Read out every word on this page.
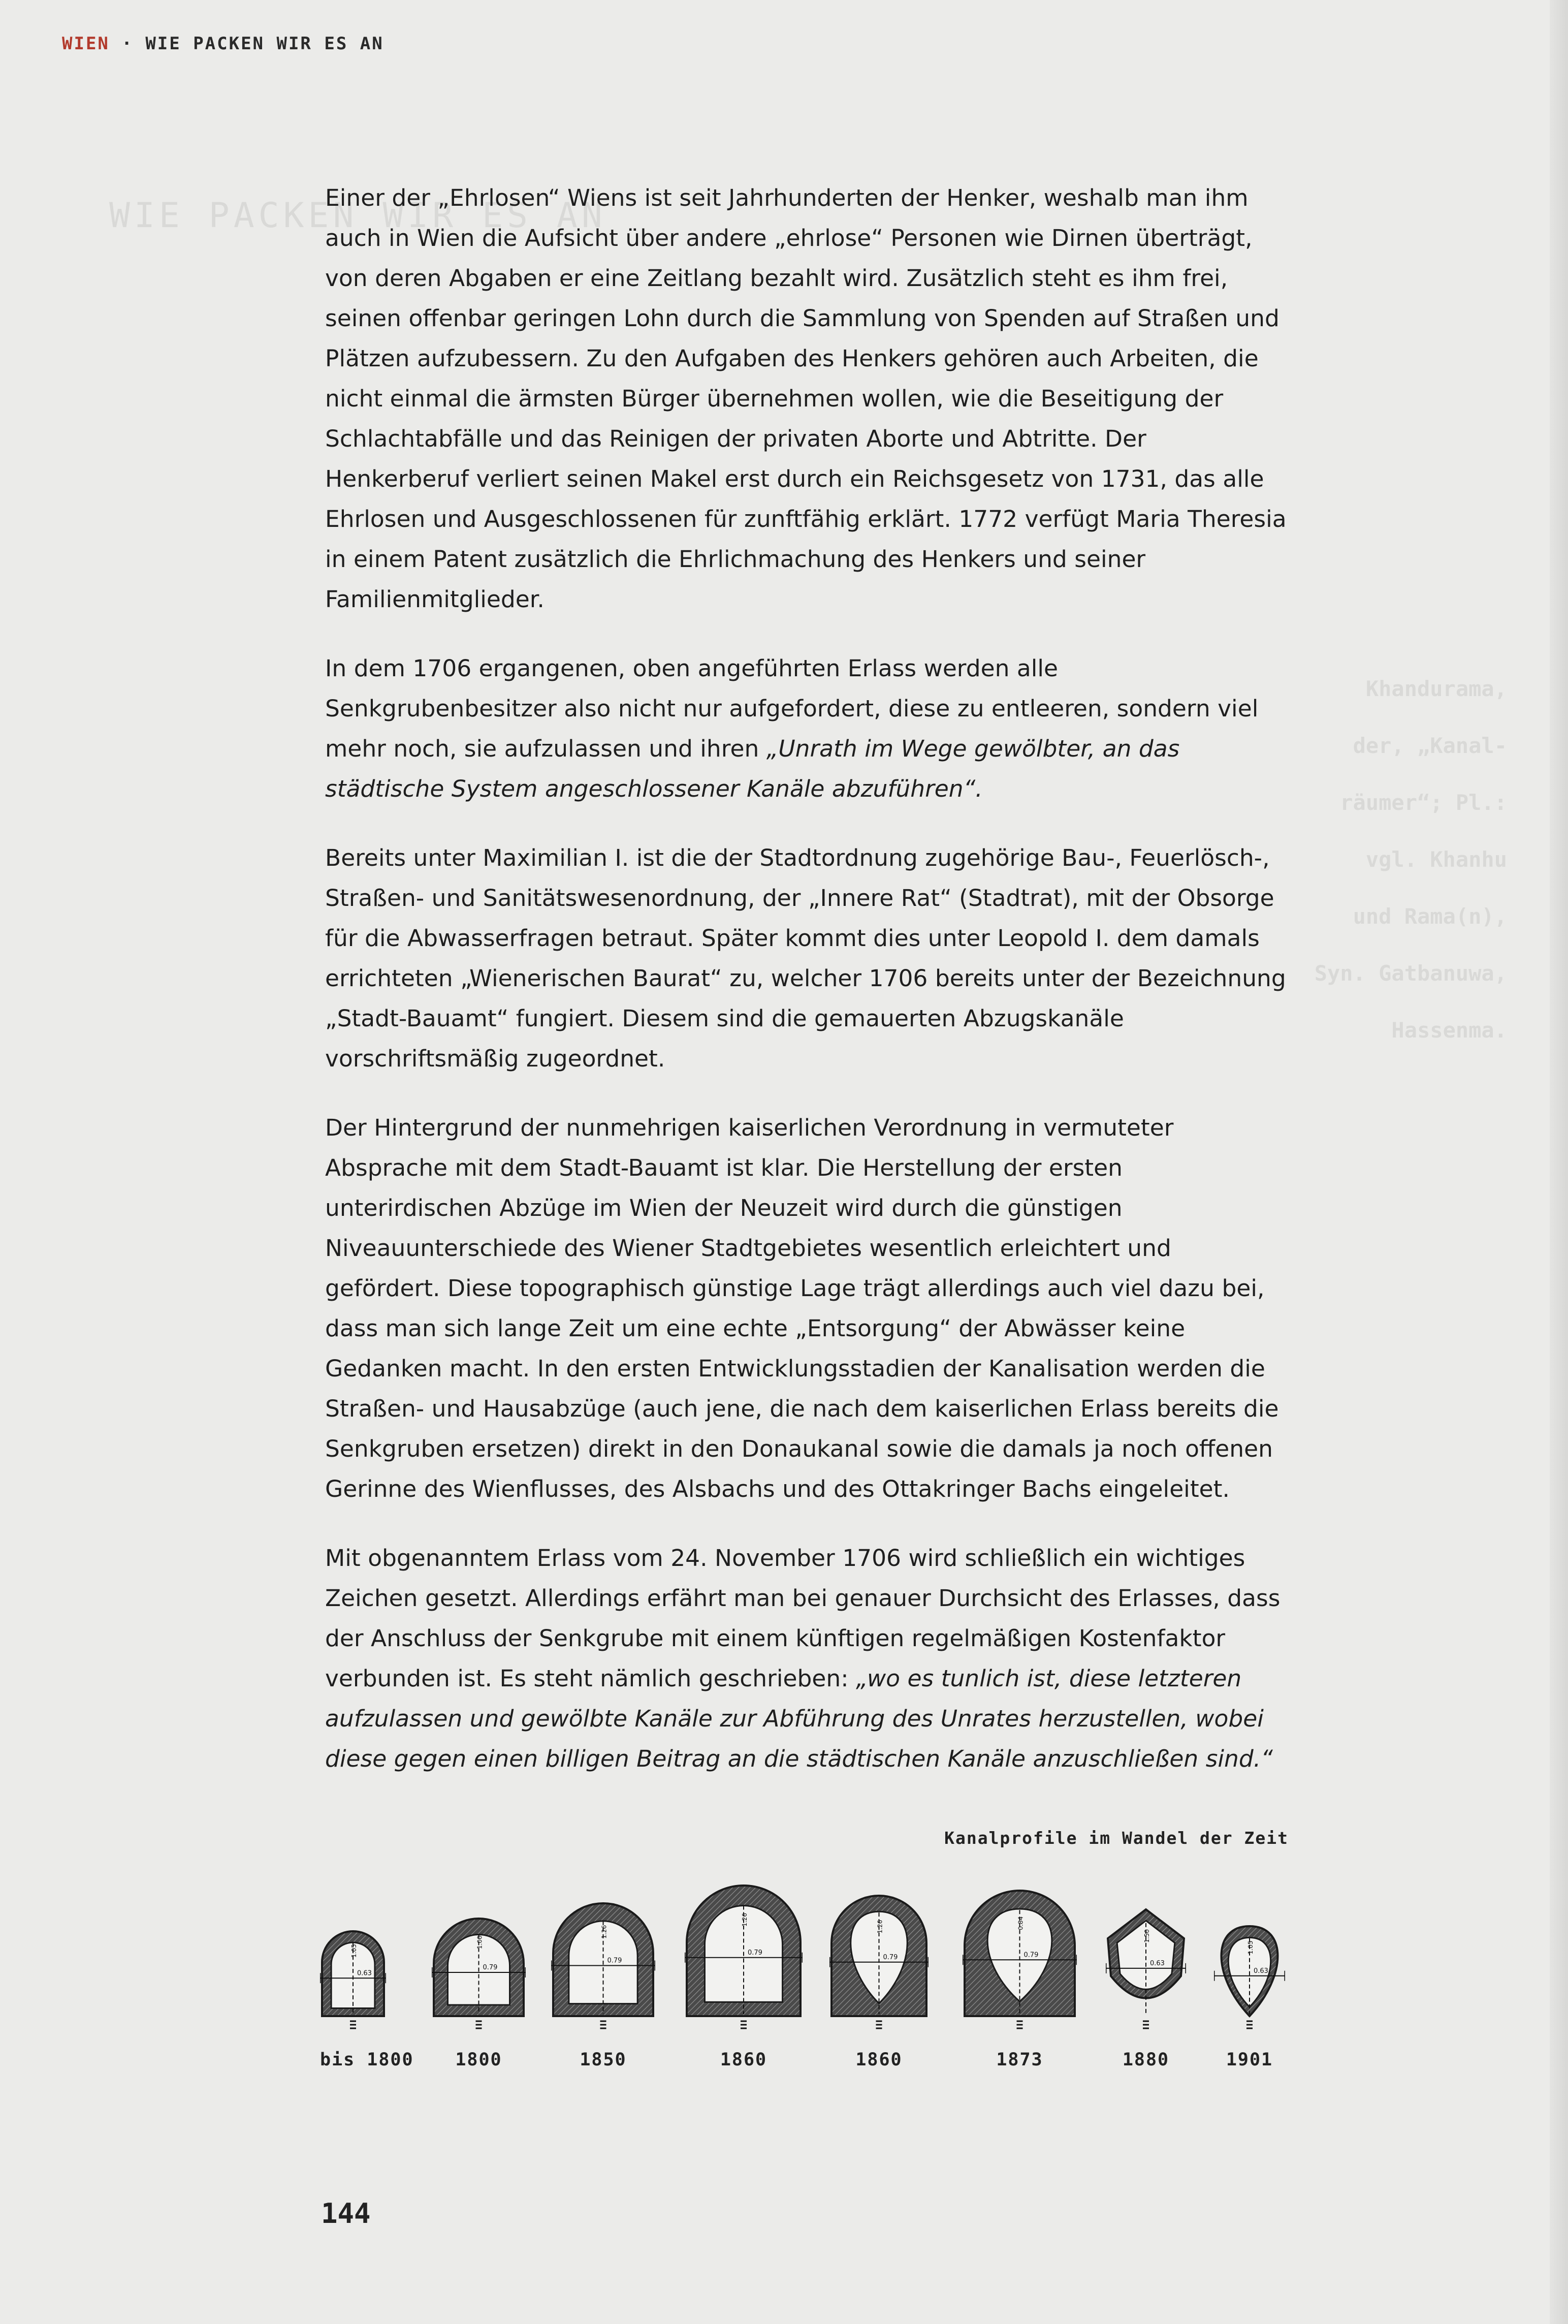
WIE PACKEN WIR ES AN
Khandurama,
der, „Kanal-
räumer“; Pl.:
vgl. Khanhu
und Rama(n),
Syn. Gatbanuwa,
Hassenma.
WIEN · WIE PACKEN WIR ES AN

Einer der „Ehrlosen“ Wiens ist seit Jahrhunderten der Henker, weshalb man ihm auch in Wien die Aufsicht über andere „ehrlose“ Personen wie Dirnen überträgt, von deren Abgaben er eine Zeitlang bezahlt wird. Zusätzlich steht es ihm frei, seinen offenbar geringen Lohn durch die Sammlung von Spenden auf Straßen und Plätzen aufzubessern. Zu den Aufgaben des Henkers gehören auch Arbeiten, die nicht einmal die ärmsten Bürger übernehmen wollen, wie die Beseitigung der Schlachtabfälle und das Reinigen der privaten Aborte und Abtritte. Der Henkerberuf verliert seinen Makel erst durch ein Reichsgesetz von 1731, das alle Ehrlosen und Ausgeschlossenen für zunftfähig erklärt. 1772 verfügt Maria Theresia in einem Patent zusätzlich die Ehrlichmachung des Henkers und seiner Familienmitglieder.

In dem 1706 ergangenen, oben angeführten Erlass werden alle Senkgrubenbesitzer also nicht nur aufgefordert, diese zu entleeren, sondern viel mehr noch, sie aufzulassen und ihren „Unrath im Wege gewölbter, an das städtische System angeschlossener Kanäle abzuführen“.

Bereits unter Maximilian I. ist die der Stadtordnung zugehörige Bau-, Feuerlösch-, Straßen- und Sanitätswesenordnung, der „Innere Rat“ (Stadtrat), mit der Obsorge für die Abwasserfragen betraut. Später kommt dies unter Leopold I. dem damals errichteten „Wienerischen Baurat“ zu, welcher 1706 bereits unter der Bezeichnung „Stadt-Bauamt“ fungiert. Diesem sind die gemauerten Abzugskanäle vorschriftsmäßig zugeordnet.

Der Hintergrund der nunmehrigen kaiserlichen Verordnung in vermuteter Absprache mit dem Stadt-Bauamt ist klar. Die Herstellung der ersten unterirdischen Abzüge im Wien der Neuzeit wird durch die günstigen Niveauunterschiede des Wiener Stadtgebietes wesentlich erleichtert und gefördert. Diese topographisch günstige Lage trägt allerdings auch viel dazu bei, dass man sich lange Zeit um eine echte „Entsorgung“ der Abwässer keine Gedanken macht. In den ersten Entwicklungsstadien der Kanalisation werden die Straßen- und Hausabzüge (auch jene, die nach dem kaiserlichen Erlass bereits die Senkgruben ersetzen) direkt in den Donaukanal sowie die damals ja noch offenen Gerinne des Wienflusses, des Alsbachs und des Ottakringer Bachs eingeleitet.

Mit obgenanntem Erlass vom 24. November 1706 wird schließlich ein wichtiges Zeichen gesetzt. Allerdings erfährt man bei genauer Durchsicht des Erlasses, dass der Anschluss der Senkgrube mit einem künftigen regelmäßigen Kostenfaktor verbunden ist. Es steht nämlich geschrieben: „wo es tunlich ist, diese letzteren aufzulassen und gewölbte Kanäle zur Abführung des Unrates herzustellen, wobei diese gegen einen billigen Beitrag an die städtischen Kanäle anzuschließen sind.“

Kanalprofile im Wandel der Zeit
0.63
1.05
bis 1800
0.79
1.00
1800
0.79
1.26
1850
0.79
1.26
1860
0.79
1.26
1860
0.79
0.84
1873
0.63
1.50
1880
0.63
1.05
1901
144
